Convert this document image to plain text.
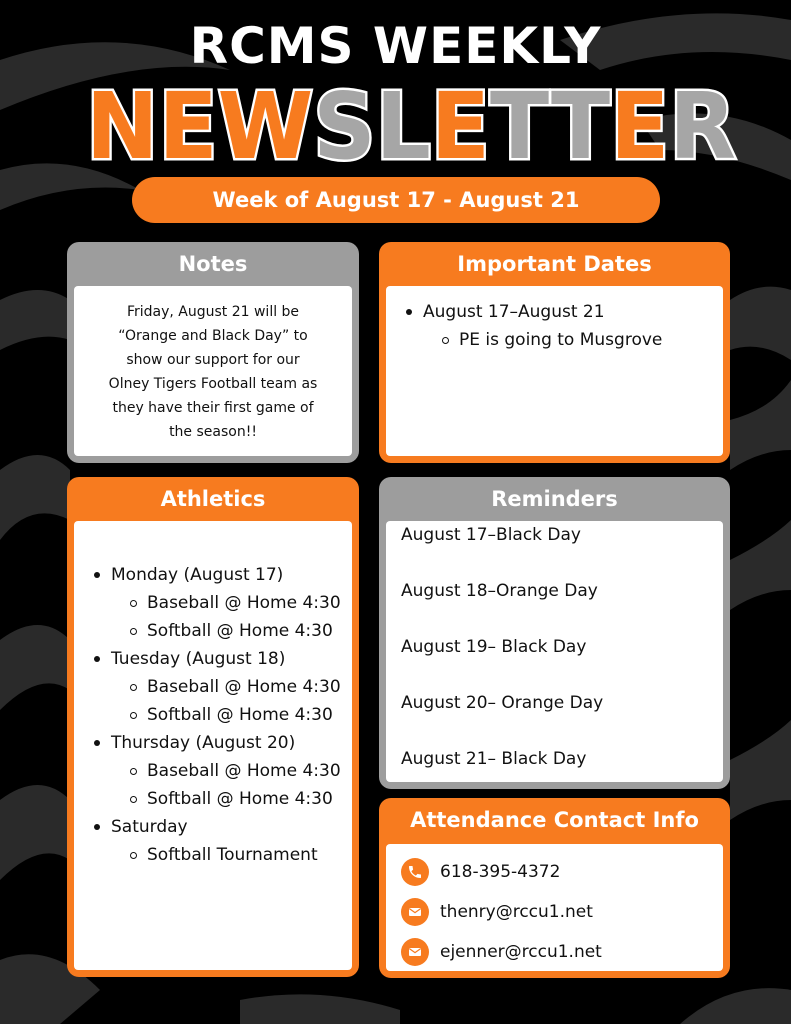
RCMS WEEKLY
NEWSLETTER
Week of August 17 - August 21
Notes
Friday, August 21 will be
“Orange and Black Day” to
show our support for our
Olney Tigers Football team as
they have their first game of
the season!!
Important Dates
August 17–August 21
PE is going to Musgrove
Athletics
Monday (August 17)
Baseball @ Home 4:30
Softball @ Home 4:30
Tuesday (August 18)
Baseball @ Home 4:30
Softball @ Home 4:30
Thursday (August 20)
Baseball @ Home 4:30
Softball @ Home 4:30
Saturday
Softball Tournament
Reminders
August 17–Black Day
August 18–Orange Day
August 19– Black Day
August 20– Orange Day
August 21– Black Day
Attendance Contact Info
618-395-4372
thenry@rccu1.net
ejenner@rccu1.net
